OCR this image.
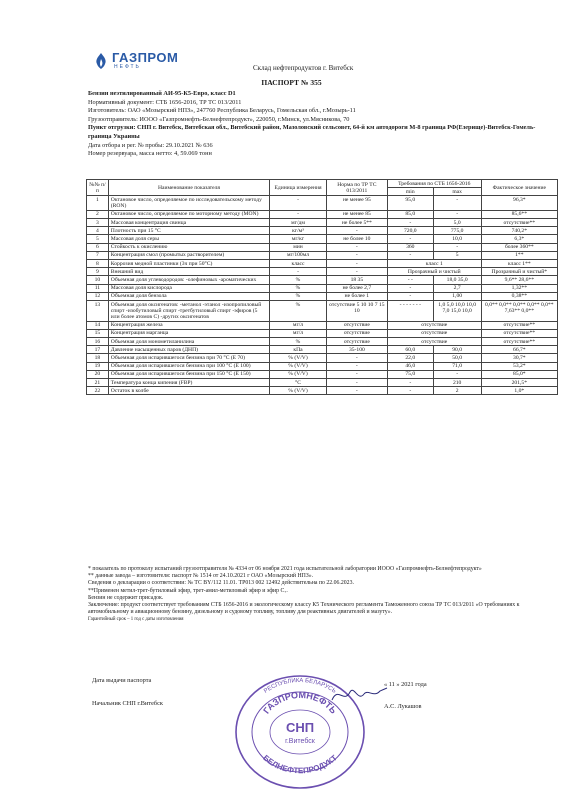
ГАЗПРОМ
НЕФТЬ	Склад нефтепродуктов г. Витебск
ПАСПОРТ № 355
Бензин неэтилированный АИ-95-К5-Евро, класс D1
Нормативный документ: СТБ 1656-2016, ТР ТС 013/2011
Изготовитель: ОАО «Мозырский НПЗ», 247760 Республика Беларусь, Гомельская обл., г.Мозырь-11
Грузоотправитель: ИООО «Газпромнефть-Белнефтепродукт», 220050, г.Минск, ул.Мясникова, 70
Пункт отгрузки: СНП г. Витебск, Витебская обл., Витебский район, Мазоловский сельсовет, 64-й км автодороги М-8 граница РФ(Езерище)-Витебск-Гомель-граница Украины
Дата отбора и рег. № пробы: 29.10.2021 № 636
Номер резервуара, масса нетто: 4, 59.069 тонн
№№ п/п	Наименование показателя	Единица измерения	Норма по ТР ТС 013/2011	Требования по СТБ 1656-2016		Фактическое значение
				min	max	
1	Октановое число, определяемое по исследовательскому методу (RON)	-	не менее 95	95,0	-	96,3*
2	Октановое число, определяемое по моторному методу (MON)	-	не менее 85	85,0	-	85,6**
3	Массовая концентрация свинца	мг/дм	не более 5**	-	5,0	отсутствие**
4	Плотность при 15 °С	кг/м³	-	720,0	775,0	740,2*
5	Массовая доля серы	мг/кг	не более 10	-	10,0	6,3*
6	Стойкость к окислению	мин	-	360	-	более 360**
7	Концентрация смол (промытых растворителем)	мг/100мл	-	-	5	1**
8	Коррозия медной пластинки (3ч при 50°С)	класс	-	класс 1		класс 1**
9	Внешний вид	-	-	Прозрачный и чистый		Прозрачный и чистый*
10	Объемная доля углеводородов: -олефиновых -ароматических	%	18 35	- -	18,0 35,0	9,6** 28,6**
11	Массовая доля кислорода	%	не более 2,7	-	2,7	1,32**
12	Объемная доля бензола	%	не более 1	-	1,00	0,38**
13	Объемная доля оксигенатов: -метанол -этанол -изопропиловый спирт -изобутиловый спирт -третбутиловый спирт -эфиров (5 или более атомов С) -других оксигенатов	%	отсутствие 5 10 10 7 15 10	- - - - - - -	1,0 5,0 10,0 10,0 7,0 15,0 10,0	0,0** 0,0** 0,0** 0,0** 0,0** 7,63** 0,0**
14	Концентрация железа	мг/л	отсутствие	отсутствие		отсутствие**
15	Концентрация марганца	мг/л	отсутствие	отсутствие		отсутствие**
16	Объемная доля монометиланилина	%	отсутствие	отсутствие		отсутствие**
17	Давление насыщенных паров (ДНП)	кПа	35-100	60,0	90,0	66,7*
18	Объемная доля испарившегося бензина при 70 °С (Е 70)	% (V/V)	-	22,0	50,0	30,7*
19	Объемная доля испарившегося бензина при 100 °С (Е 100)	% (V/V)	-	46,0	71,0	53,2*
20	Объемная доля испарившегося бензина при 150 °С (Е 150)	% (V/V)	-	75,0	-	85,0*
21	Температура конца кипения (FBP)	°С	-	-	210	201,5*
22	Остаток в колбе	% (V/V)	-	-	2	1,0*
* показатель по протоколу испытаний грузоотправителя № 4334 от 06 ноября 2021 года испытательной лаборатории ИООО «Газпромнефть-Белнефтепродукт»
** данные завода – изготовителя: паспорт № 1514 от 24.10.2021 г ОАО «Мозырский НПЗ».
Сведения о декларации о соответствии: № ТС BY/112 11.01. ТР013 002 12492 действительна по 22.06.2023.
**Применен метил-трет-бутиловый эфир, трет-амил-метиловый эфир и эфир С₇.
Бензин не содержит присадок.
Заключение: продукт соответствует требованиям СТБ 1656-2016 и экологическому классу К5 Технического регламента Таможенного союза ТР ТС 013/2011 «О требованиях к автомобильному и авиационному бензину, дизельному и судовому топливу, топливу для реактивных двигателей и мазуту».
Гарантийный срок – 1 год с даты изготовления
Дата выдачи паспорта
« 11 » 2021 года
Начальник СНП г.Витебск	А.С. Лукашов
РЕСПУБЛИКА БЕЛАРУСЬ
ГАЗПРОМНЕФТЬ
СНП
г.Витебск
БЕЛНЕФТЕПРОДУКТ
